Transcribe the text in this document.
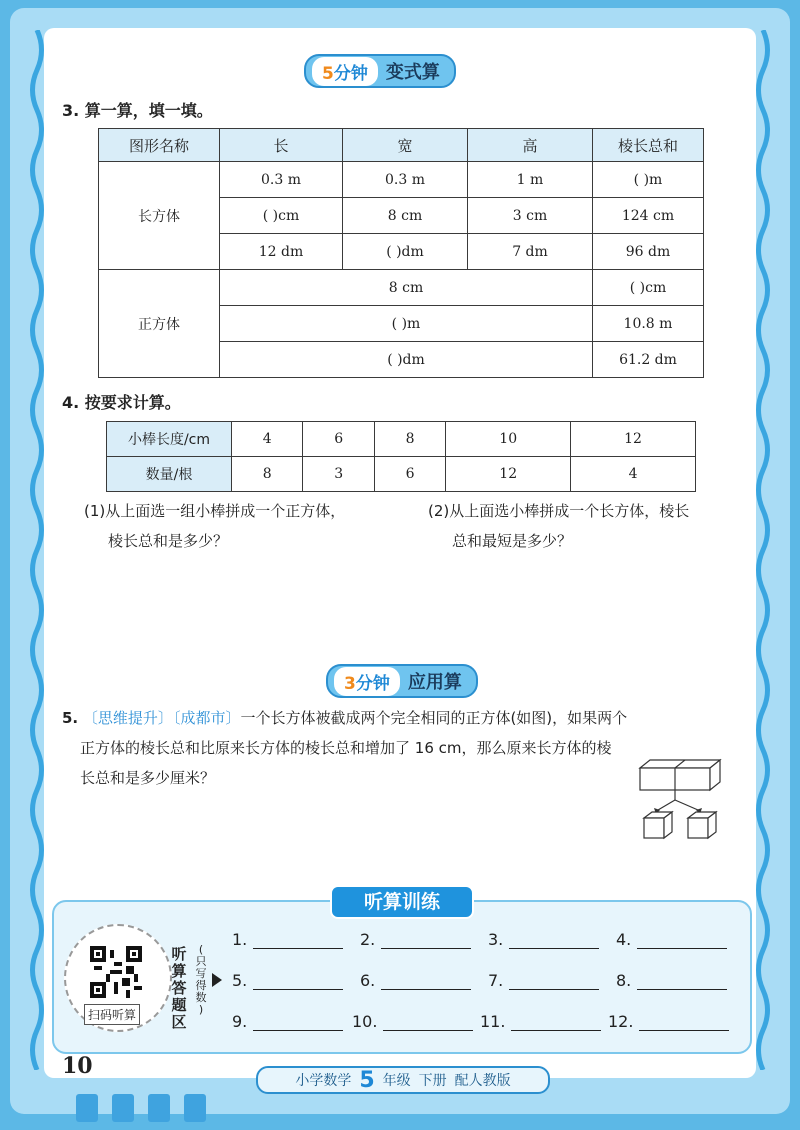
5分钟	变式算
3. 算一算，填一填。
图形名称	长	宽	高	棱长总和
长方体	0.3 m	0.3 m	1 m	( )m
	( )cm	8 cm	3 cm	124 cm
	12 dm	( )dm	7 dm	96 dm
正方体	8 cm			( )cm
	( )m			10.8 m
	( )dm			61.2 dm
4. 按要求计算。
小棒长度/cm	4	6	8	10	12
数量/根	8	3	6	12	4
(1)从上面选一组小棒拼成一个正方体，
棱长总和是多少？
(2)从上面选小棒拼成一个长方体，棱长
总和最短是多少？
3分钟	应用算
5. 〔思维提升〕〔成都市〕一个长方体被截成两个完全相同的正方体(如图)，如果两个
正方体的棱长总和比原来长方体的棱长总和增加了 16 cm，那么原来长方体的棱
长总和是多少厘米？
听算训练
扫码听算
听
算
答
题
区
(
只
写
得
数
)
1.	2.	3.	4.
5.	6.	7.	8.
9.	10.	11.	12.
10
小学数学 5 年级 下册 配人教版
